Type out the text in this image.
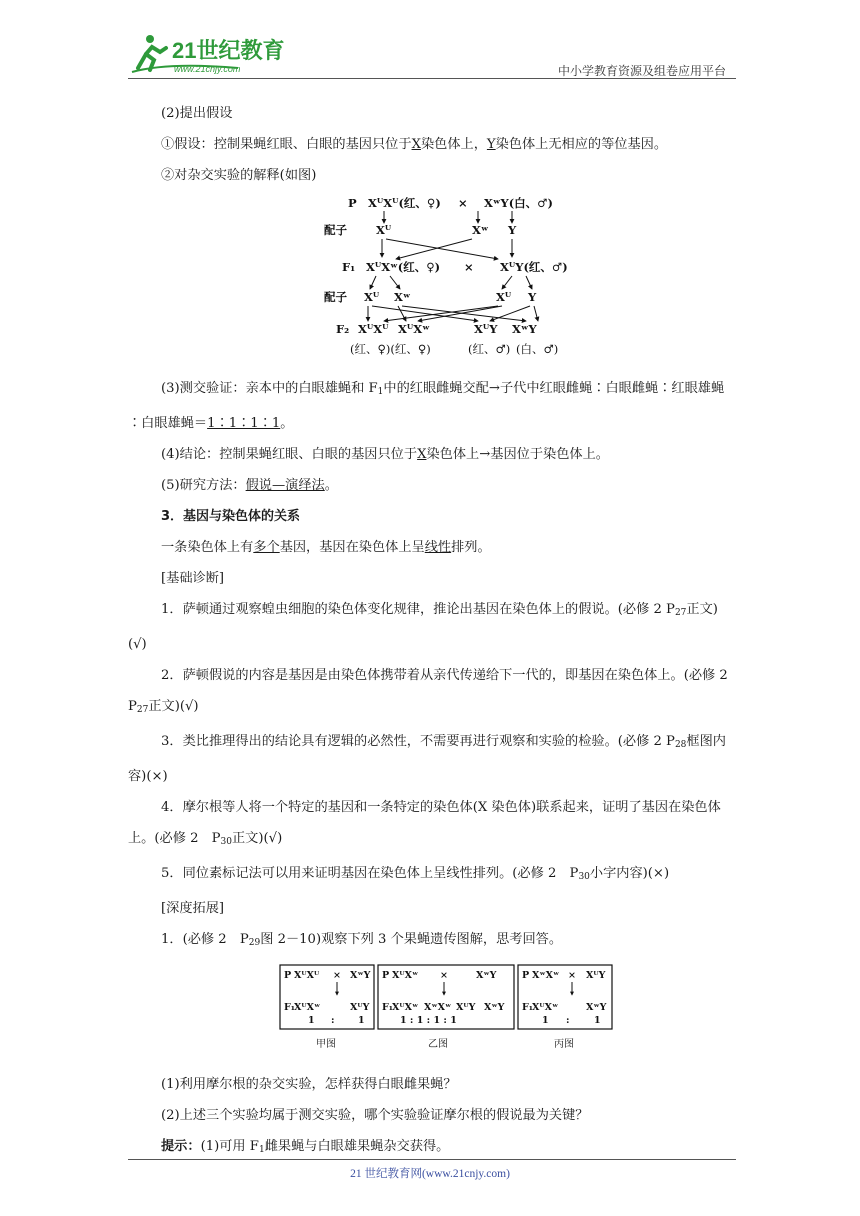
21世纪教育
www.21cnjy.com	中小学教育资源及组卷应用平台

(2)提出假设

①假设：控制果蝇红眼、白眼的基因只位于X染色体上，Y染色体上无相应的等位基因。

②对杂交实验的解释(如图)

P XᵂXᵂ(红、♀) × XʷY(白、♂)
配子	Xᵂ	Xʷ Y
F₁ XᵂXʷ(红、♀) × XᵂY(红、♂)
配子 Xᵂ Xʷ	Xᵂ Y
F₂ XᵂXᵂ XᵂXʷ	XᵂY XʷY
(红、♀)(红、♀)	(红、♂) (白、♂)

(3)测交验证：亲本中的白眼雄蝇和 $F_1$中的红眼雌蝇交配→子代中红眼雌蝇∶白眼雌蝇∶红眼雄蝇∶白眼雄蝇＝1∶1∶1∶1。

(4)结论：控制果蝇红眼、白眼的基因只位于X染色体上→基因位于染色体上。

(5)研究方法：假说—演绎法。

3．基因与染色体的关系

一条染色体上有多个基因，基因在染色体上呈线性排列。

[基础诊断]

1．萨顿通过观察蝗虫细胞的染色体变化规律，推论出基因在染色体上的假说。(必修 2 $P_{27}$正文)(√)

2．萨顿假说的内容是基因是由染色体携带着从亲代传递给下一代的，即基因在染色体上。(必修 2　$P_{27}$正文)(√)

3．类比推理得出的结论具有逻辑的必然性，不需要再进行观察和实验的检验。(必修 2 $P_{28}$框图内容)(×)

4．摩尔根等人将一个特定的基因和一条特定的染色体(X 染色体)联系起来，证明了基因在染色体上。(必修 2　$P_{30}$正文)(√)

5．同位素标记法可以用来证明基因在染色体上呈线性排列。(必修 2　$P_{30}$小字内容)(×)

[深度拓展]

1．(必修 2　$P_{29}$图 2－10)观察下列 3 个果蝇遗传图解，思考回答。

P XᵂXᵂ × XʷY
F₁ XᵂXʷ	XᵂY
1 : 1
甲图
P XᵂXʷ ×	XʷY
F₁ XᵂXʷ XʷXʷ XᵂY XʷY
1 : 1 : 1 : 1
乙图
P XʷXʷ × XᵂY
F₁ XᵂXʷ	XʷY
1 :	1
丙图

(1)利用摩尔根的杂交实验，怎样获得白眼雌果蝇？

(2)上述三个实验均属于测交实验，哪个实验验证摩尔根的假说最为关键？

提示：(1)可用 $F_1$雌果蝇与白眼雄果蝇杂交获得。

21 世纪教育网(www.21cnjy.com)
